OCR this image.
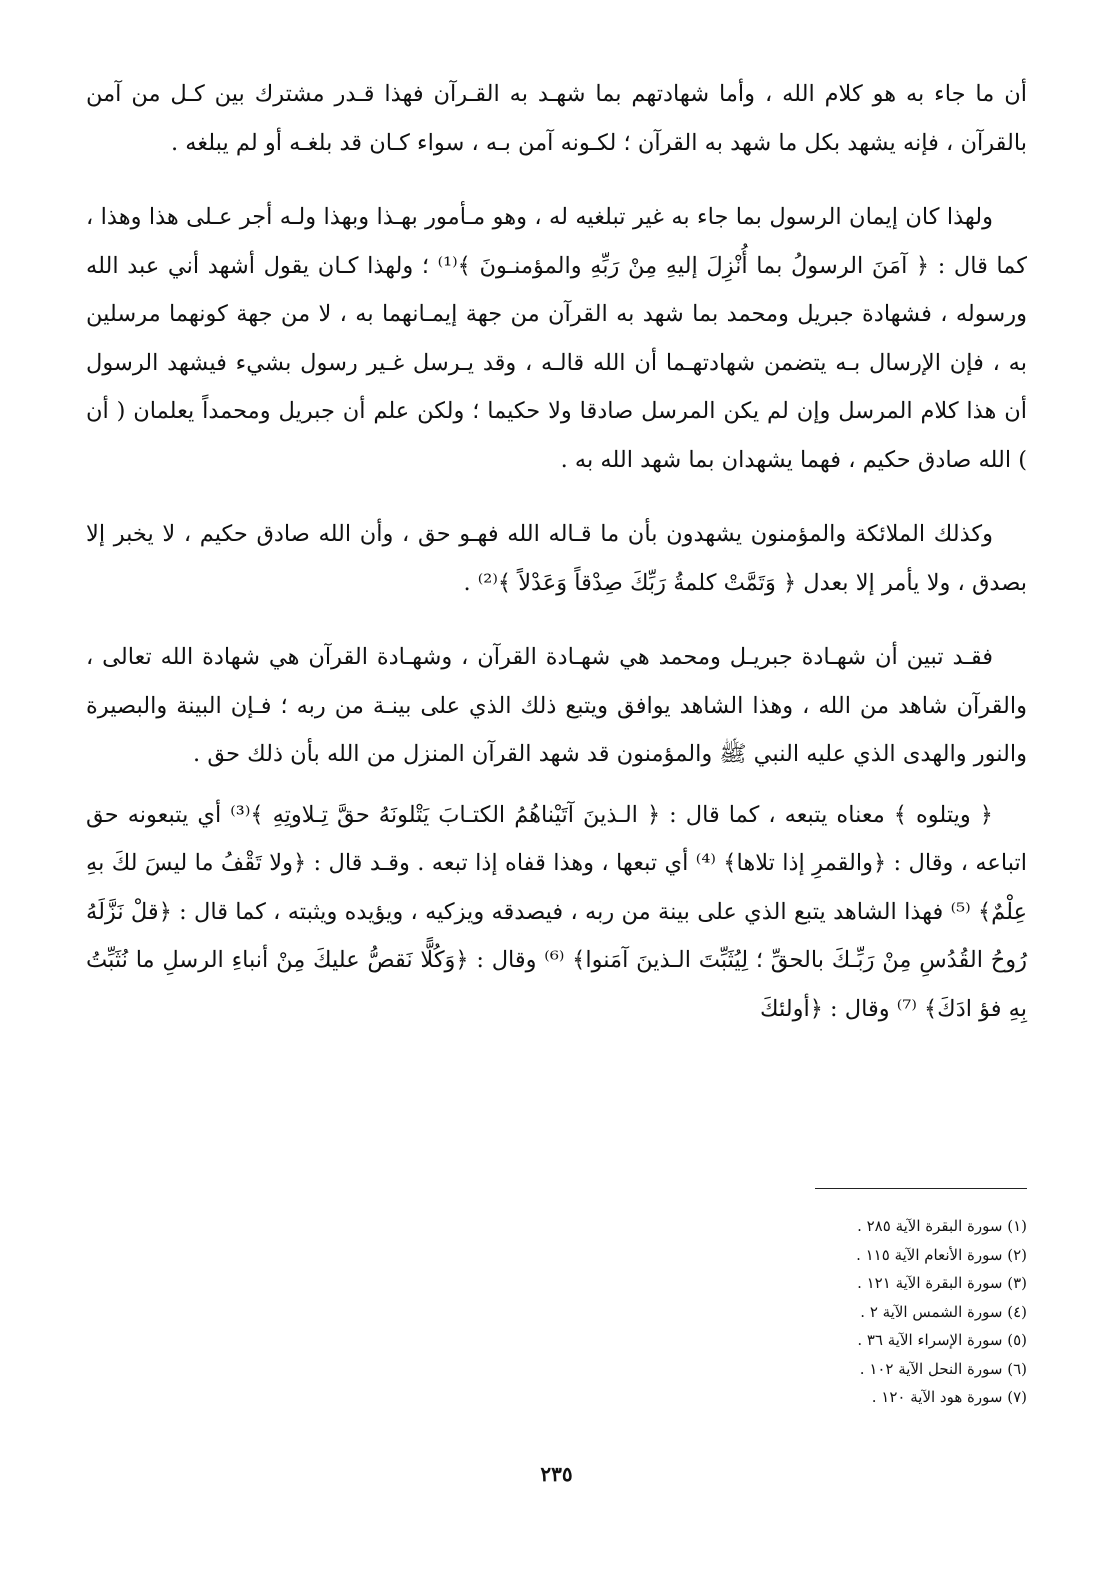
أن ما جاء به هو كلام الله ، وأما شهادتهم بما شهـد به القـرآن فهذا قـدر مشترك بين كـل من آمن بالقرآن ، فإنه يشهد بكل ما شهد به القرآن ؛ لكـونه آمن بـه ، سواء كـان قد بلغـه أو لم يبلغه .

ولهذا كان إيمان الرسول بما جاء به غير تبلغيه له ، وهو مـأمور بهـذا وبهذا ولـه أجر عـلى هذا وهذا ، كما قال : ﴿ آمَنَ الرسولُ بما أُنْزِلَ إليهِ مِنْ رَبِّهِ والمؤمنـونَ ﴾⁽¹⁾ ؛ ولهذا كـان يقول أشهد أني عبد الله ورسوله ، فشهادة جبريل ومحمد بما شهد به القرآن من جهة إيمـانهما به ، لا من جهة كونهما مرسلين به ، فإن الإرسال بـه يتضمن شهادتهـما أن الله قالـه ، وقد يـرسل غـير رسول بشيء فيشهد الرسول أن هذا كلام المرسل وإن لم يكن المرسل صادقا ولا حكيما ؛ ولكن علم أن جبريل ومحمداً يعلمان ( أن ) الله صادق حكيم ، فهما يشهدان بما شهد الله به .

وكذلك الملائكة والمؤمنون يشهدون بأن ما قـاله الله فهـو حق ، وأن الله صادق حكيم ، لا يخبر إلا بصدق ، ولا يأمر إلا بعدل ﴿ وَتَمَّتْ كلمةُ رَبِّكَ صِدْقاً وَعَدْلاً ﴾⁽²⁾ .

فقـد تبين أن شهـادة جبريـل ومحمد هي شهـادة القرآن ، وشهـادة القرآن هي شهادة الله تعالى ، والقرآن شاهد من الله ، وهذا الشاهد يوافق ويتبع ذلك الذي على بينـة من ربه ؛ فـإن البينة والبصيرة والنور والهدى الذي عليه النبي ﷺ والمؤمنون قد شهد القرآن المنزل من الله بأن ذلك حق .

﴿ ويتلوه ﴾ معناه يتبعه ، كما قال : ﴿ الـذينَ آتَيْناهُمُ الكتـابَ يَتْلونَهُ حقَّ تِـلاوتِهِ ﴾⁽³⁾ أي يتبعونه حق اتباعه ، وقال : ﴿والقمرِ إذا تلاها﴾ ⁽⁴⁾ أي تبعها ، وهذا قفاه إذا تبعه . وقـد قال : ﴿ولا تَقْفُ ما ليسَ لكَ بهِ عِلْمٌ﴾ ⁽⁵⁾ فهذا الشاهد يتبع الذي على بينة من ربه ، فيصدقه ويزكيه ، ويؤيده ويثبته ، كما قال : ﴿قلْ نَزَّلَهُ رُوحُ القُدُسِ مِنْ رَبِّـكَ بالحقِّ ؛ لِيُثَبِّتَ الـذينَ آمَنوا﴾ ⁽⁶⁾ وقال : ﴿وَكُلًّا نَقصُّ عليكَ مِنْ أنباءِ الرسلِ ما نُثَبِّتُ بِهِ فؤ ادَكَ﴾ ⁽⁷⁾ وقال : ﴿أولئكَ

(١) سورة البقرة الآية ٢٨٥ .
(٢) سورة الأنعام الآية ١١٥ .
(٣) سورة البقرة الآية ١٢١ .
(٤) سورة الشمس الآية ٢ .
(٥) سورة الإسراء الآية ٣٦ .
(٦) سورة النحل الآية ١٠٢ .
(٧) سورة هود الآية ١٢٠ .
٢٣٥
